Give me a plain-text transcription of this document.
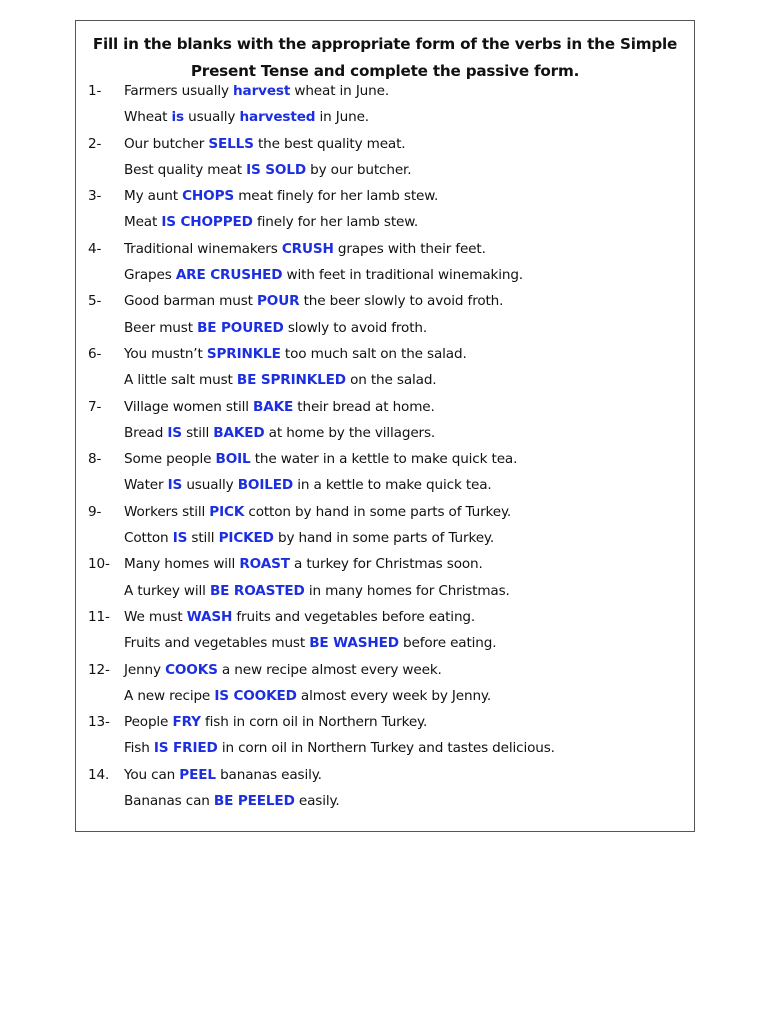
Fill in the blanks with the appropriate form of the verbs in the Simple
Present Tense and complete the passive form.
1- Farmers usually harvest wheat in June.
Wheat is usually harvested in June.
2- Our butcher SELLS the best quality meat.
Best quality meat IS SOLD by our butcher.
3- My aunt CHOPS meat finely for her lamb stew.
Meat IS CHOPPED finely for her lamb stew.
4- Traditional winemakers CRUSH grapes with their feet.
Grapes ARE CRUSHED with feet in traditional winemaking.
5- Good barman must POUR the beer slowly to avoid froth.
Beer must BE POURED slowly to avoid froth.
6- You mustn’t SPRINKLE too much salt on the salad.
A little salt must BE SPRINKLED on the salad.
7- Village women still BAKE their bread at home.
Bread IS still BAKED at home by the villagers.
8- Some people BOIL the water in a kettle to make quick tea.
Water IS usually BOILED in a kettle to make quick tea.
9- Workers still PICK cotton by hand in some parts of Turkey.
Cotton IS still PICKED by hand in some parts of Turkey.
10- Many homes will ROAST a turkey for Christmas soon.
A turkey will BE ROASTED in many homes for Christmas.
11- We must WASH fruits and vegetables before eating.
Fruits and vegetables must BE WASHED before eating.
12- Jenny COOKS a new recipe almost every week.
A new recipe IS COOKED almost every week by Jenny.
13- People FRY fish in corn oil in Northern Turkey.
Fish IS FRIED in corn oil in Northern Turkey and tastes delicious.
14. You can PEEL bananas easily.
Bananas can BE PEELED easily.
